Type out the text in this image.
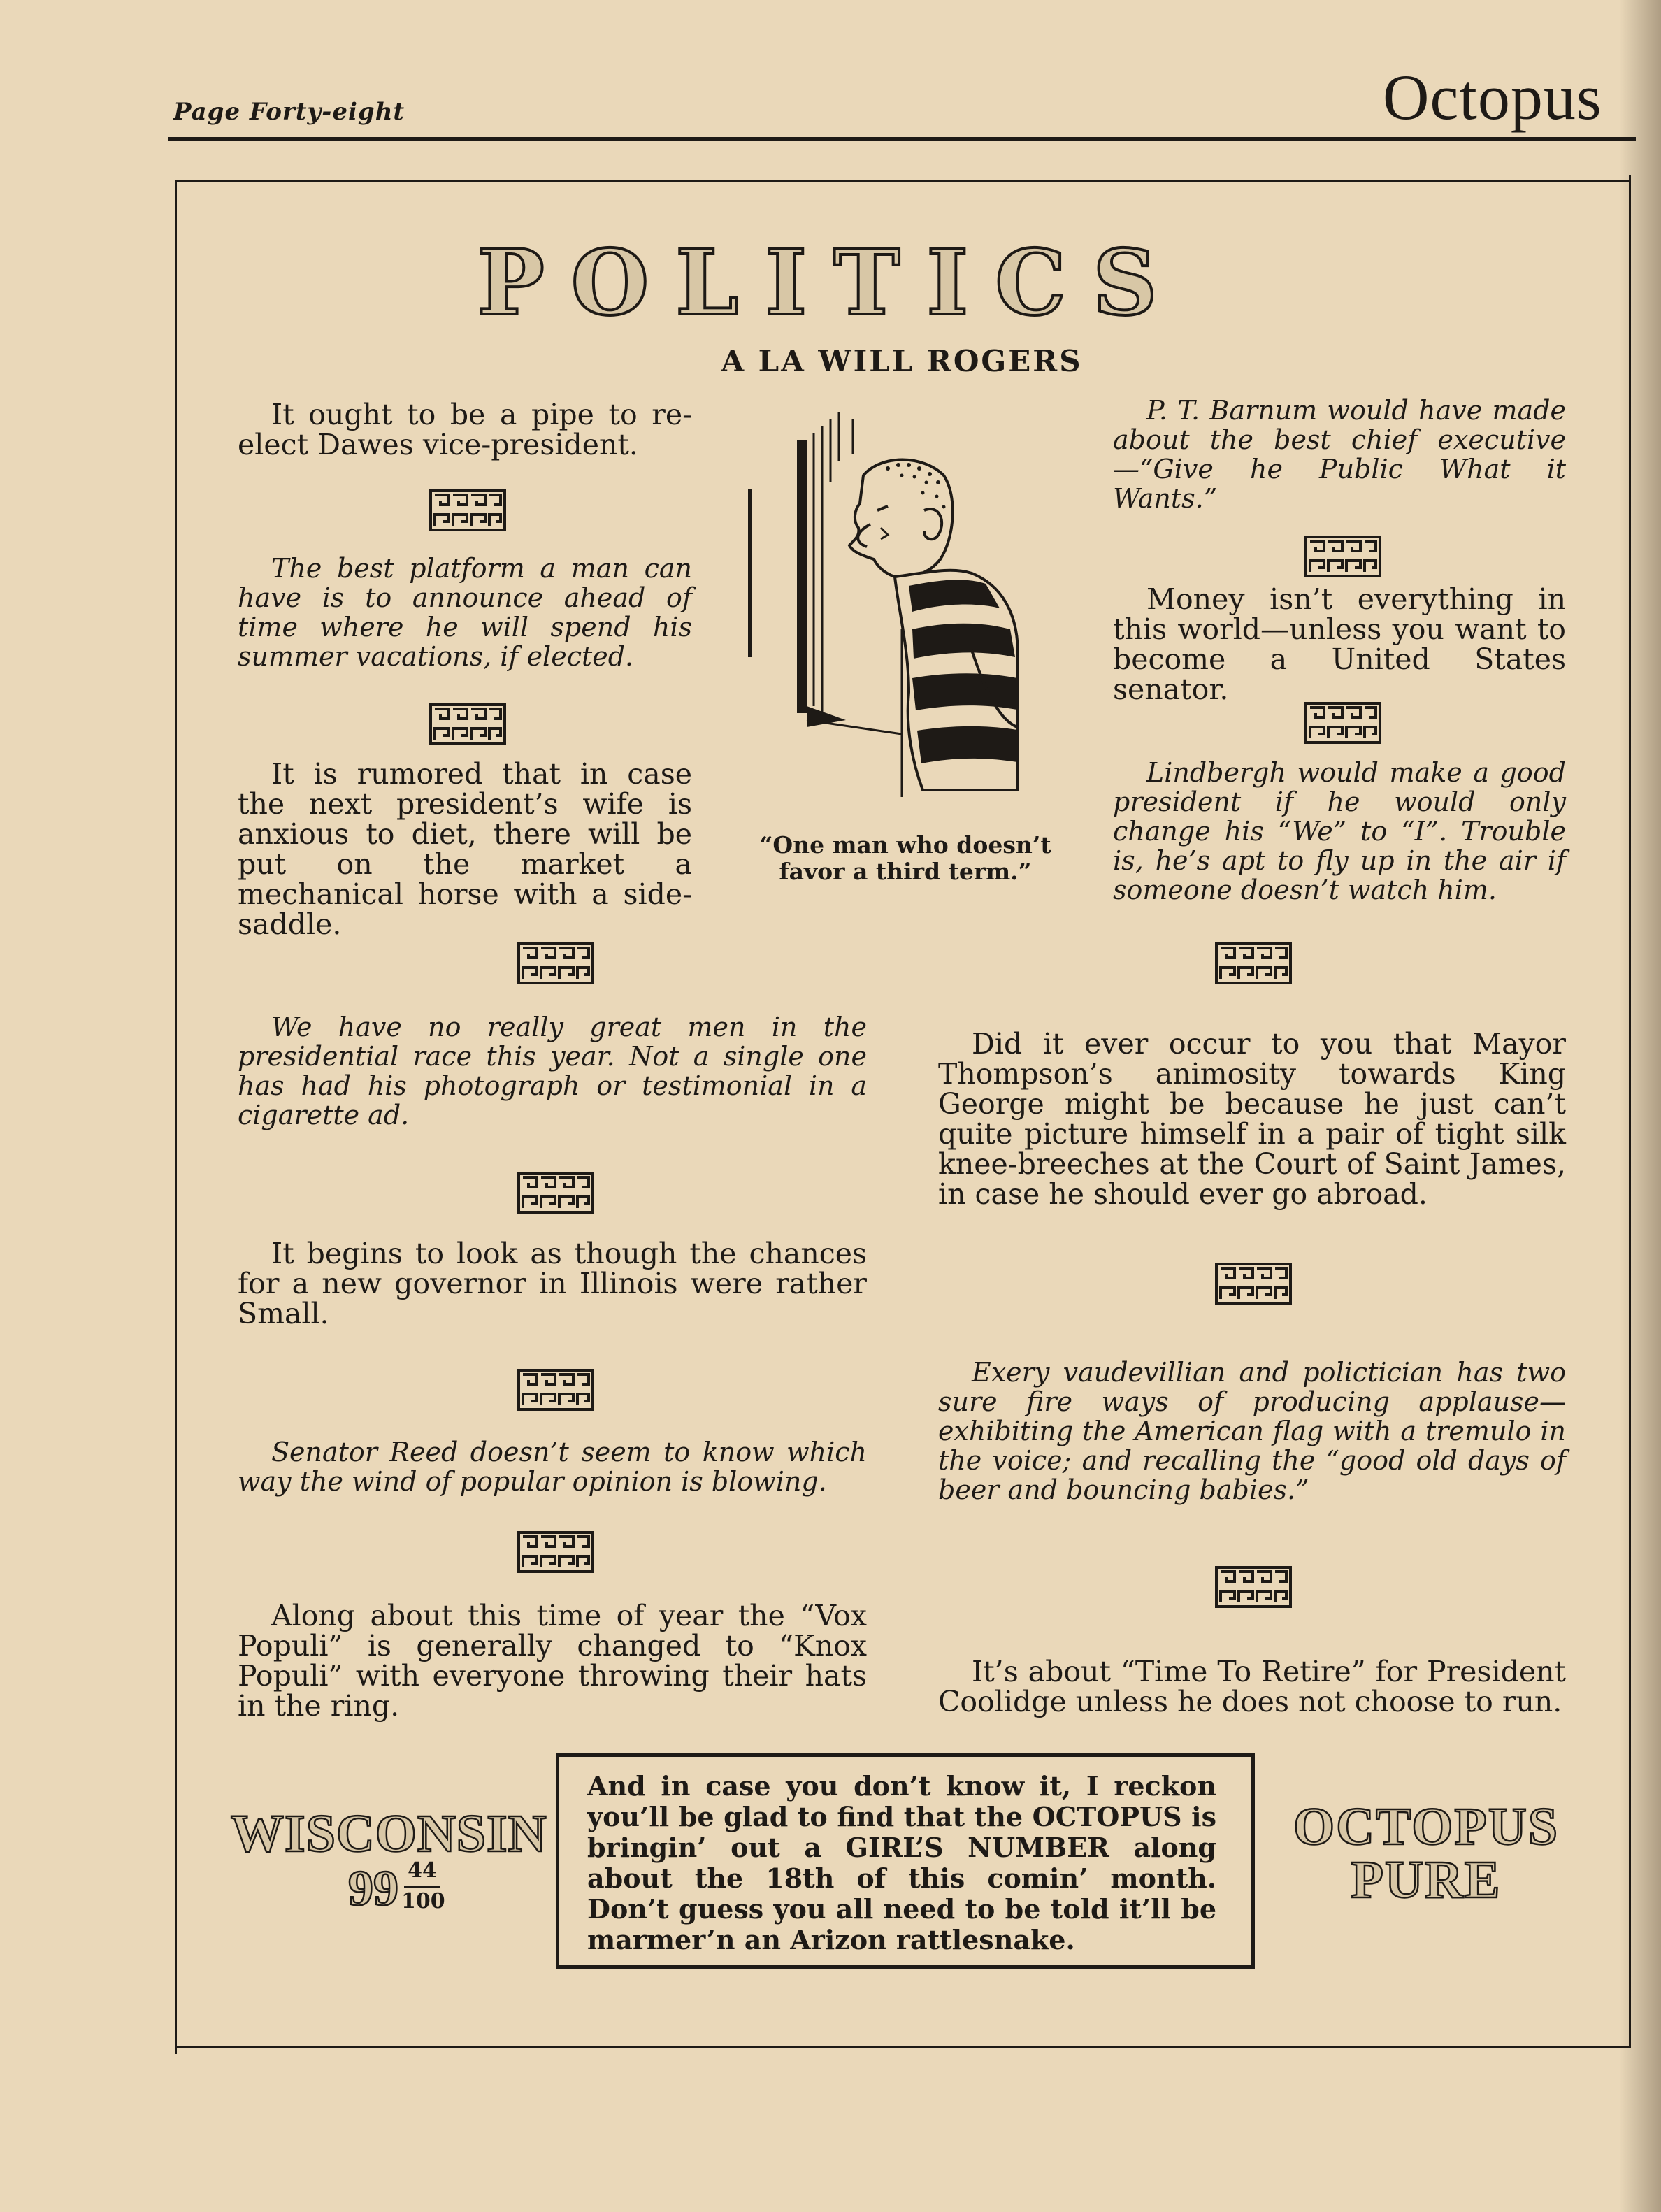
Page Forty-eight	Octopus
POLITICS
A LA WILL ROGERS

It ought to be a pipe to re-elect Dawes vice-president.

The best platform a man can have is to announce ahead of time where he will spend his summer vacations, if elected.

It is rumored that in case the next president’s wife is anxious to diet, there will be put on the market a mechanical horse with a side-saddle.

“One man who doesn’t favor a third term.”

P. T. Barnum would have made about the best chief executive—“Give he Public What it Wants.”

Money isn’t everything in this world—unless you want to become a United States senator.

Lindbergh would make a good president if he would only change his “We” to “I”. Trouble is, he’s apt to fly up in the air if someone doesn’t watch him.

We have no really great men in the presidential race this year. Not a single one has had his photograph or testimonial in a cigarette ad.

It begins to look as though the chances for a new governor in Illinois were rather Small.

Senator Reed doesn’t seem to know which way the wind of popular opinion is blowing.

Along about this time of year the “Vox Populi” is generally changed to “Knox Populi” with everyone throwing their hats in the ring.

Did it ever occur to you that Mayor Thompson’s animosity towards King George might be because he just can’t quite picture himself in a pair of tight silk knee-breeches at the Court of Saint James, in case he should ever go abroad.

Exery vaudevillian and polictician has two sure fire ways of producing applause—exhibiting the American flag with a tremulo in the voice; and recalling the “good old days of beer and bouncing babies.”

It’s about “Time To Retire” for President Coolidge unless he does not choose to run.

WISCONSIN
99 44
100
And in case you don’t know it, I reckon you’ll be glad to find that the OCTOPUS is bringin’ out a GIRL’S NUMBER along about the 18th of this comin’ month. Don’t guess you all need to be told it’ll be marmer’n an Arizon rattlesnake.
OCTOPUS
PURE
